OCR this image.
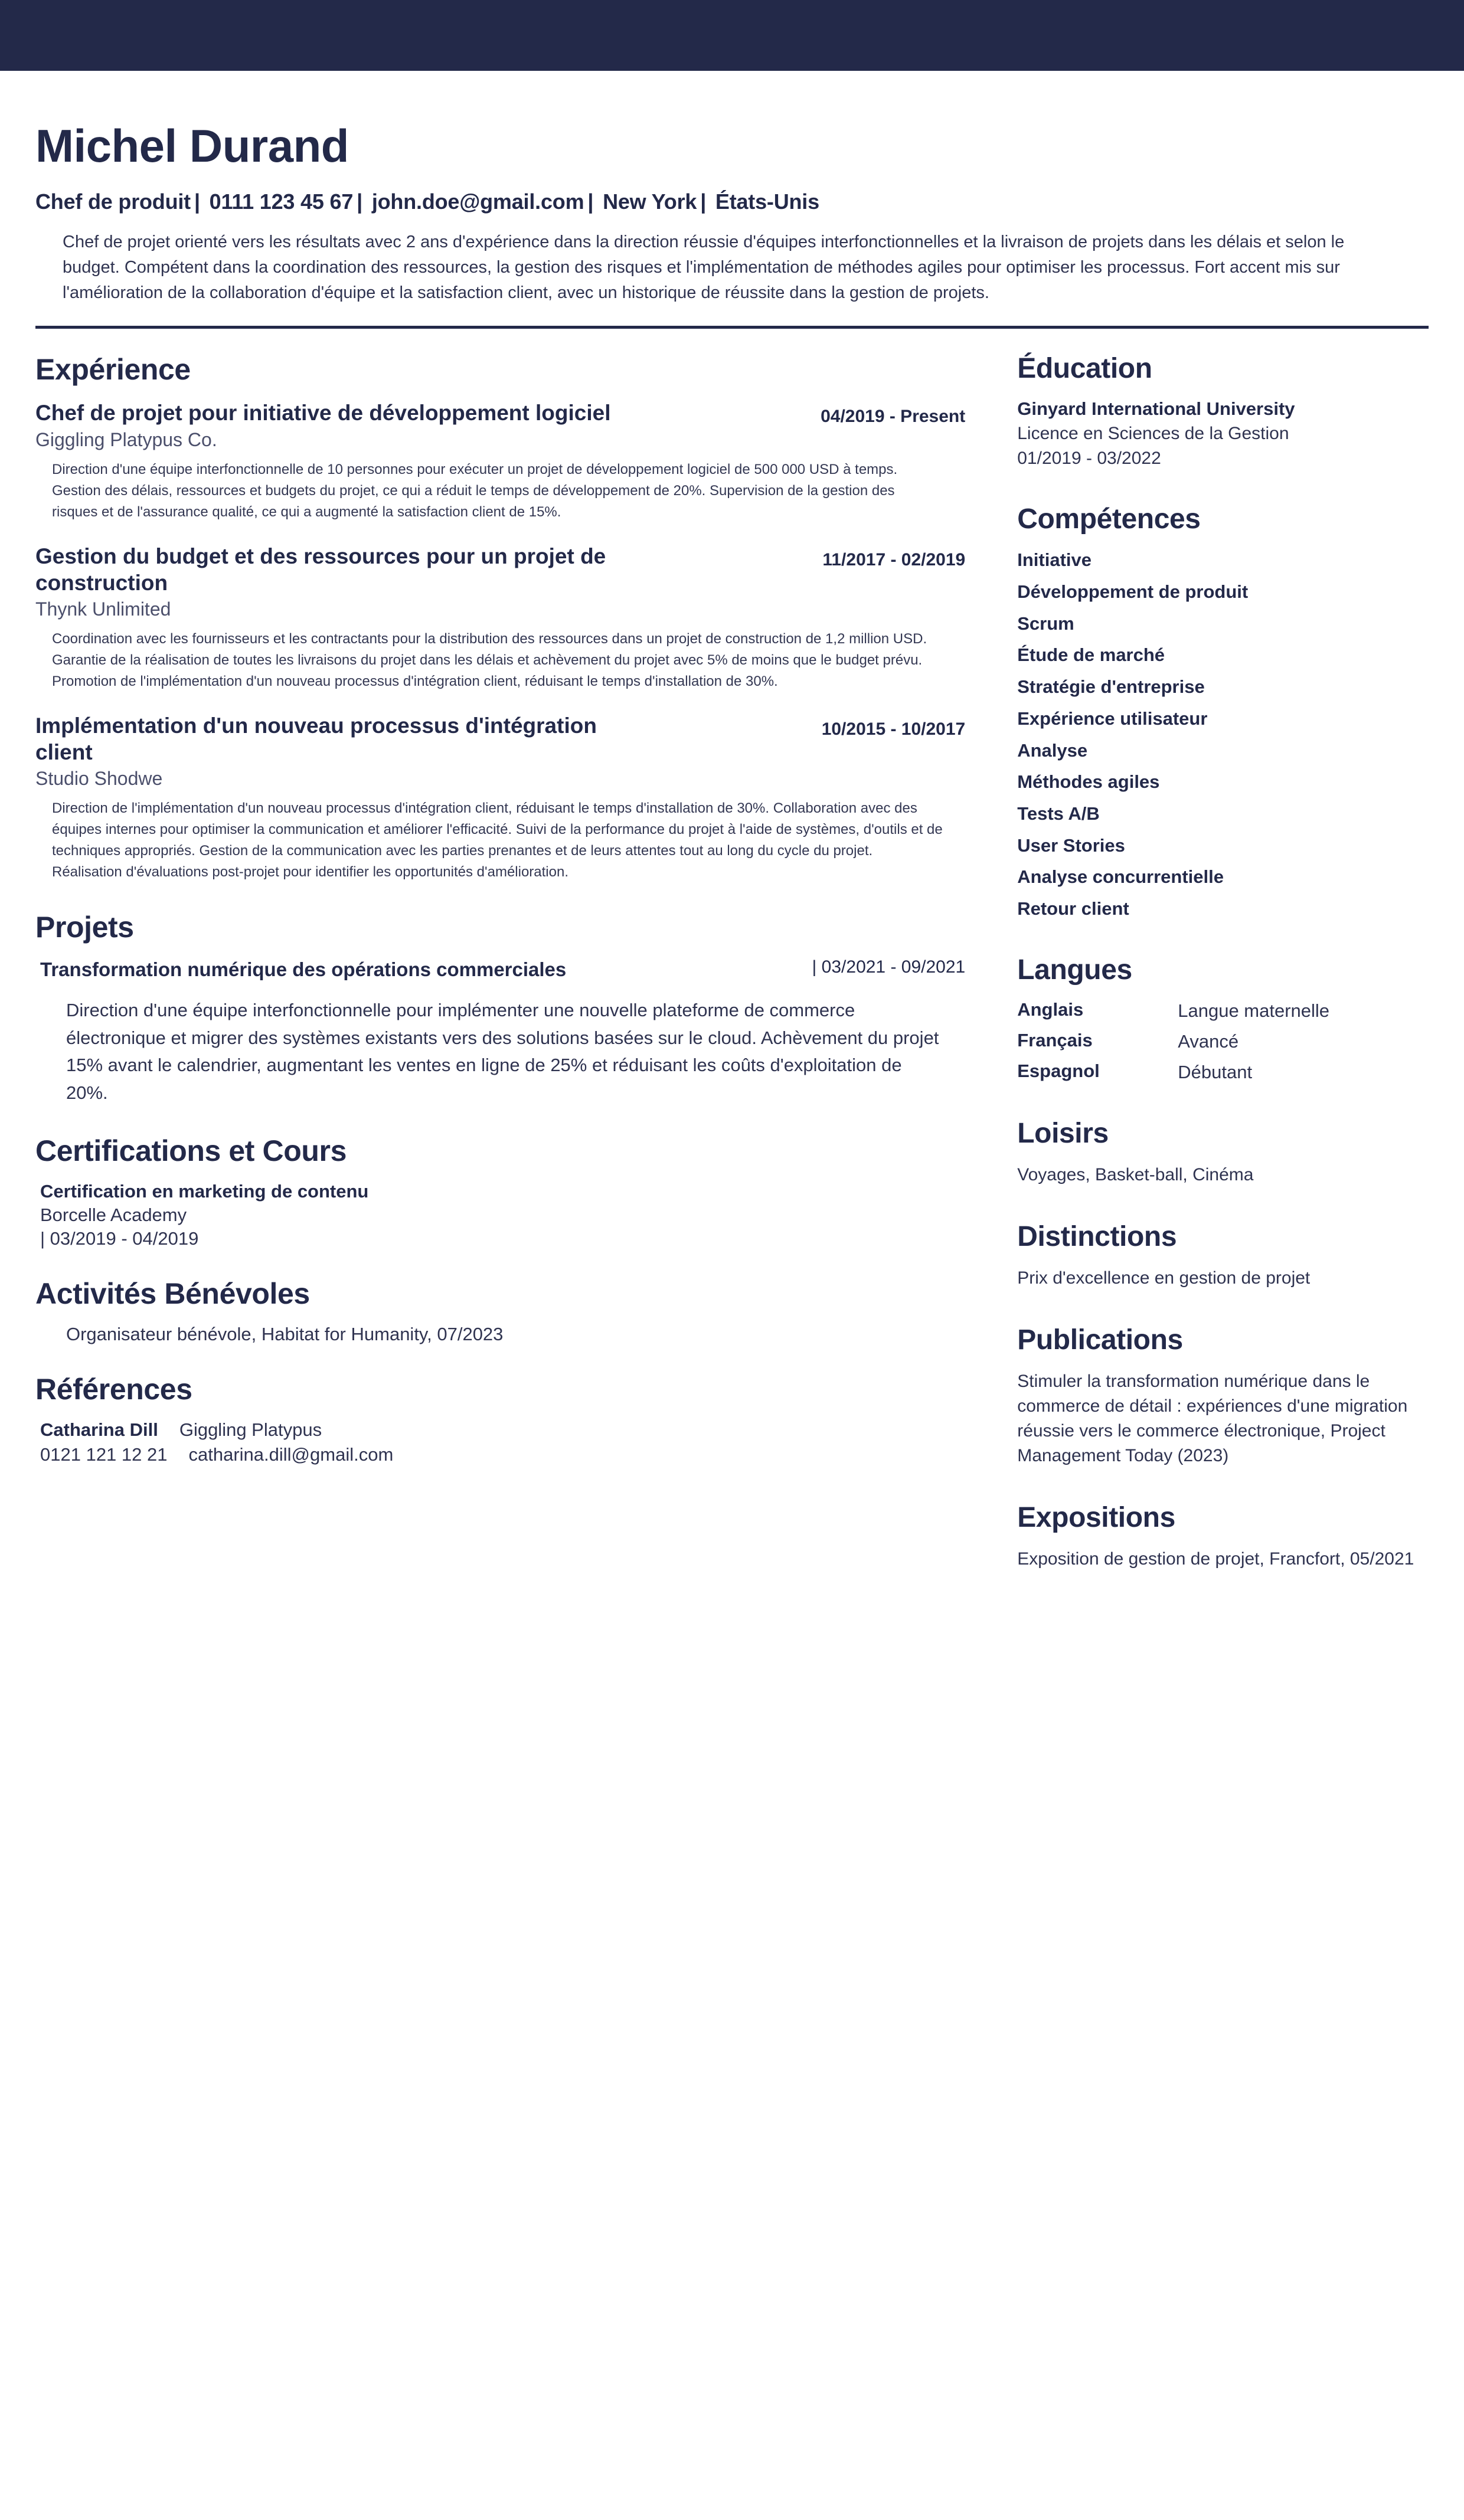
Michel Durand
Chef de produit | 0111 123 45 67 | john.doe@gmail.com | New York | États-Unis
Chef de projet orienté vers les résultats avec 2 ans d'expérience dans la direction réussie d'équipes interfonctionnelles et la livraison de projets dans les délais et selon le budget. Compétent dans la coordination des ressources, la gestion des risques et l'implémentation de méthodes agiles pour optimiser les processus. Fort accent mis sur l'amélioration de la collaboration d'équipe et la satisfaction client, avec un historique de réussite dans la gestion de projets.
Expérience
Chef de projet pour initiative de développement logiciel	04/2019 - Present
Giggling Platypus Co.
Direction d'une équipe interfonctionnelle de 10 personnes pour exécuter un projet de développement logiciel de 500 000 USD à temps. Gestion des délais, ressources et budgets du projet, ce qui a réduit le temps de développement de 20%. Supervision de la gestion des risques et de l'assurance qualité, ce qui a augmenté la satisfaction client de 15%.
Gestion du budget et des ressources pour un projet de construction
11/2017 - 02/2019
Thynk Unlimited
Coordination avec les fournisseurs et les contractants pour la distribution des ressources dans un projet de construction de 1,2 million USD. Garantie de la réalisation de toutes les livraisons du projet dans les délais et achèvement du projet avec 5% de moins que le budget prévu. Promotion de l'implémentation d'un nouveau processus d'intégration client, réduisant le temps d'installation de 30%.
Implémentation d'un nouveau processus d'intégration client
10/2015 - 10/2017
Studio Shodwe
Direction de l'implémentation d'un nouveau processus d'intégration client, réduisant le temps d'installation de 30%. Collaboration avec des équipes internes pour optimiser la communication et améliorer l'efficacité. Suivi de la performance du projet à l'aide de systèmes, d'outils et de techniques appropriés. Gestion de la communication avec les parties prenantes et de leurs attentes tout au long du cycle du projet. Réalisation d'évaluations post-projet pour identifier les opportunités d'amélioration.
Projets
Transformation numérique des opérations commerciales	| 03/2021 - 09/2021
Direction d'une équipe interfonctionnelle pour implémenter une nouvelle plateforme de commerce électronique et migrer des systèmes existants vers des solutions basées sur le cloud. Achèvement du projet 15% avant le calendrier, augmentant les ventes en ligne de 25% et réduisant les coûts d'exploitation de 20%.
Certifications et Cours
Certification en marketing de contenu
Borcelle Academy
| 03/2019 - 04/2019
Activités Bénévoles
Organisateur bénévole, Habitat for Humanity, 07/2023
Références
Catharina Dill Giggling Platypus
0121 121 12 21 catharina.dill@gmail.com
Éducation
Ginyard International University
Licence en Sciences de la Gestion
01/2019 - 03/2022
Compétences
Initiative
Développement de produit
Scrum
Étude de marché
Stratégie d'entreprise
Expérience utilisateur
Analyse
Méthodes agiles
Tests A/B
User Stories
Analyse concurrentielle
Retour client
Langues
Anglais	Langue maternelle
Français	Avancé
Espagnol	Débutant
Loisirs
Voyages, Basket-ball, Cinéma
Distinctions
Prix d'excellence en gestion de projet
Publications
Stimuler la transformation numérique dans le commerce de détail : expériences d'une migration réussie vers le commerce électronique, Project Management Today (2023)
Expositions
Exposition de gestion de projet, Francfort, 05/2021
